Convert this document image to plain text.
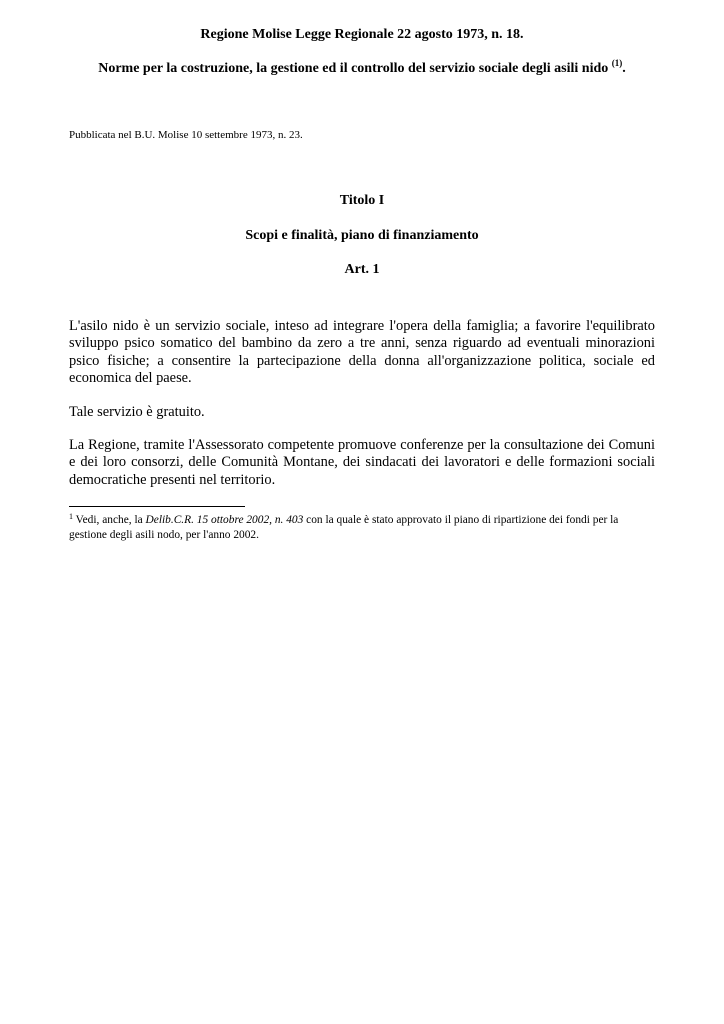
Regione Molise Legge Regionale 22 agosto 1973, n. 18.
Norme per la costruzione, la gestione ed il controllo del servizio sociale degli asili nido $^{(1)}$.
Pubblicata nel B.U. Molise 10 settembre 1973, n. 23.
Titolo I
Scopi e finalità, piano di finanziamento
Art. 1
L'asilo nido è un servizio sociale, inteso ad integrare l'opera della famiglia; a favorire l'equilibrato sviluppo psico somatico del bambino da zero a tre anni, senza riguardo ad eventuali minorazioni psico fisiche; a consentire la partecipazione della donna all'organizzazione politica, sociale ed economica del paese.
Tale servizio è gratuito.
La Regione, tramite l'Assessorato competente promuove conferenze per la consultazione dei Comuni e dei loro consorzi, delle Comunità Montane, dei sindacati dei lavoratori e delle formazioni sociali democratiche presenti nel territorio.
$^1$ Vedi, anche, la Delib.C.R. 15 ottobre 2002, n. 403 con la quale è stato approvato il piano di ripartizione dei fondi per la gestione degli asili nodo, per l'anno 2002.
